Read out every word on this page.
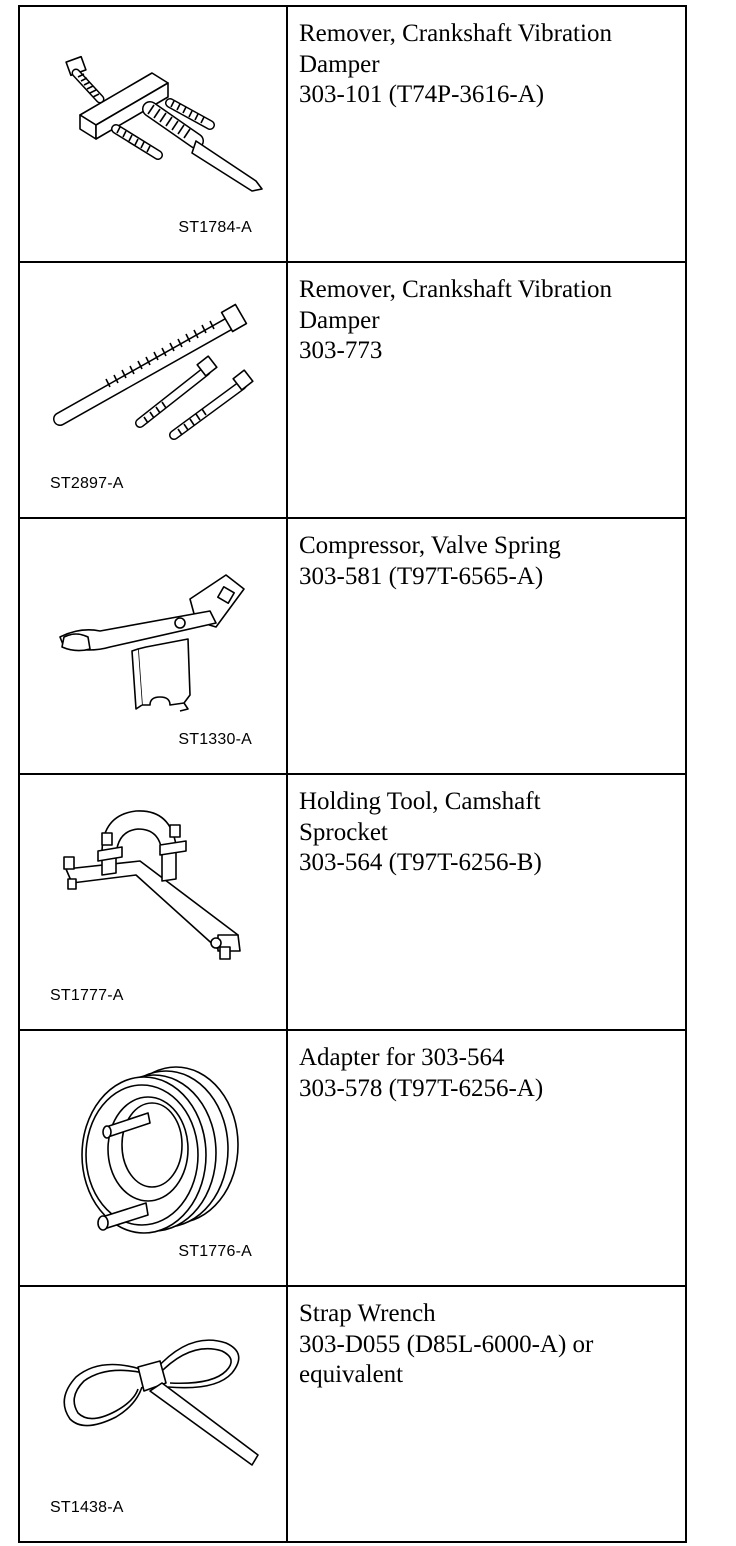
ST1784-A	Remover, Crankshaft Vibration
Damper
303-101 (T74P-3616-A)

ST2897-A	Remover, Crankshaft Vibration
Damper
303-773

ST1330-A	Compressor, Valve Spring
303-581 (T97T-6565-A)

ST1777-A	Holding Tool, Camshaft
Sprocket
303-564 (T97T-6256-B)

ST1776-A	Adapter for 303-564
303-578 (T97T-6256-A)

ST1438-A	Strap Wrench
303-D055 (D85L-6000-A) or
equivalent
